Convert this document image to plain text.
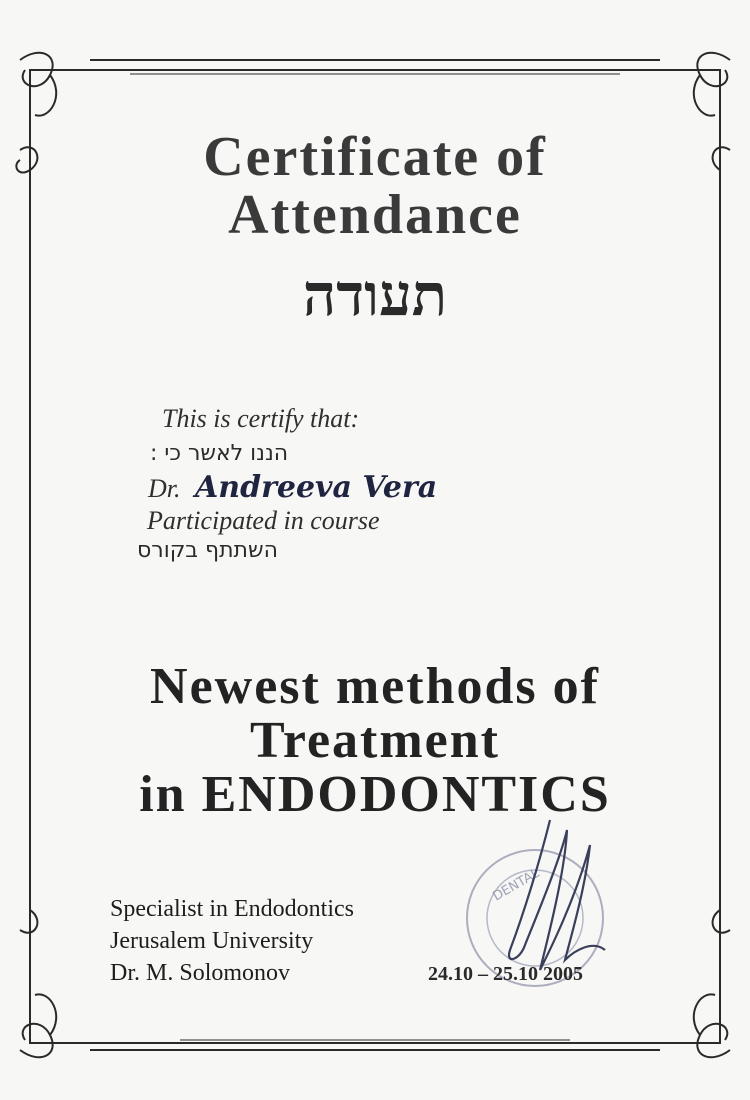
Certificate of
Attendance
תעודה
This is certify that:
הננו לאשר כי :
Dr. Andreeva Vera
Participated in course
השתתף בקורס
Newest methods of
Treatment
in ENDODONTICS
Specialist in Endodontics
Jerusalem University
Dr. M. Solomonov
DENTAL
24.10 – 25.10 2005
